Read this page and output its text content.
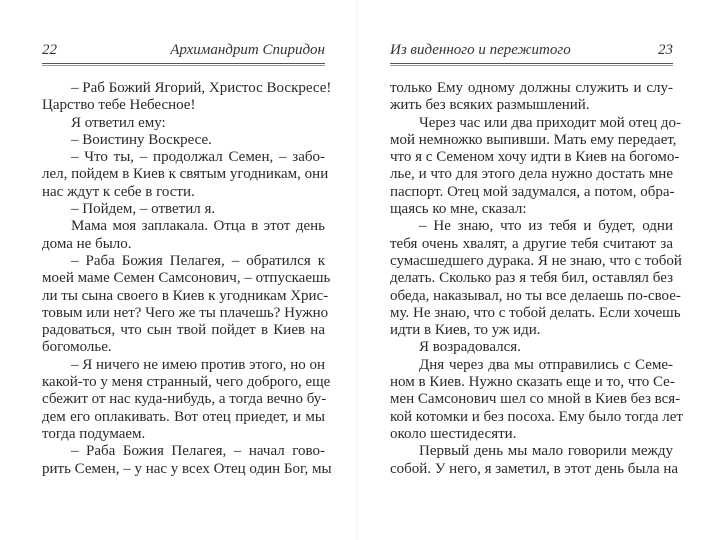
22	Архимандрит Спиридон
– Раб Божий Ягорий, Христос Воскресе!
Царство тебе Небесное!
Я ответил ему:
– Воистину Воскресе.
– Что ты, – продолжал Семен, – забо-
лел, пойдем в Киев к святым угодникам, они
нас ждут к себе в гости.
– Пойдем, – ответил я.
Мама моя заплакала. Отца в этот день
дома не было.
– Раба Божия Пелагея, – обратился к
моей маме Семен Самсонович, – отпускаешь
ли ты сына своего в Киев к угодникам Хрис-
товым или нет? Чего же ты плачешь? Нужно
радоваться, что сын твой пойдет в Киев на
богомолье.
– Я ничего не имею против этого, но он
какой-то у меня странный, чего доброго, еще
сбежит от нас куда-нибудь, а тогда вечно бу-
дем его оплакивать. Вот отец приедет, и мы
тогда подумаем.
– Раба Божия Пелагея, – начал гово-
рить Семен, – у нас у всех Отец один Бог, мы
Из виденного и пережитого	23
только Ему одному должны служить и слу-
жить без всяких размышлений.
Через час или два приходит мой отец до-
мой немножко выпивши. Мать ему передает,
что я с Семеном хочу идти в Киев на богомо-
лье, и что для этого дела нужно достать мне
паспорт. Отец мой задумался, а потом, обра-
щаясь ко мне, сказал:
– Не знаю, что из тебя и будет, одни
тебя очень хвалят, а другие тебя считают за
сумасшедшего дурака. Я не знаю, что с тобой
делать. Сколько раз я тебя бил, оставлял без
обеда, наказывал, но ты все делаешь по-свое-
му. Не знаю, что с тобой делать. Если хочешь
идти в Киев, то уж иди.
Я возрадовался.
Дня через два мы отправились с Семе-
ном в Киев. Нужно сказать еще и то, что Се-
мен Самсонович шел со мной в Киев без вся-
кой котомки и без посоха. Ему было тогда лет
около шестидесяти.
Первый день мы мало говорили между
собой. У него, я заметил, в этот день была на
